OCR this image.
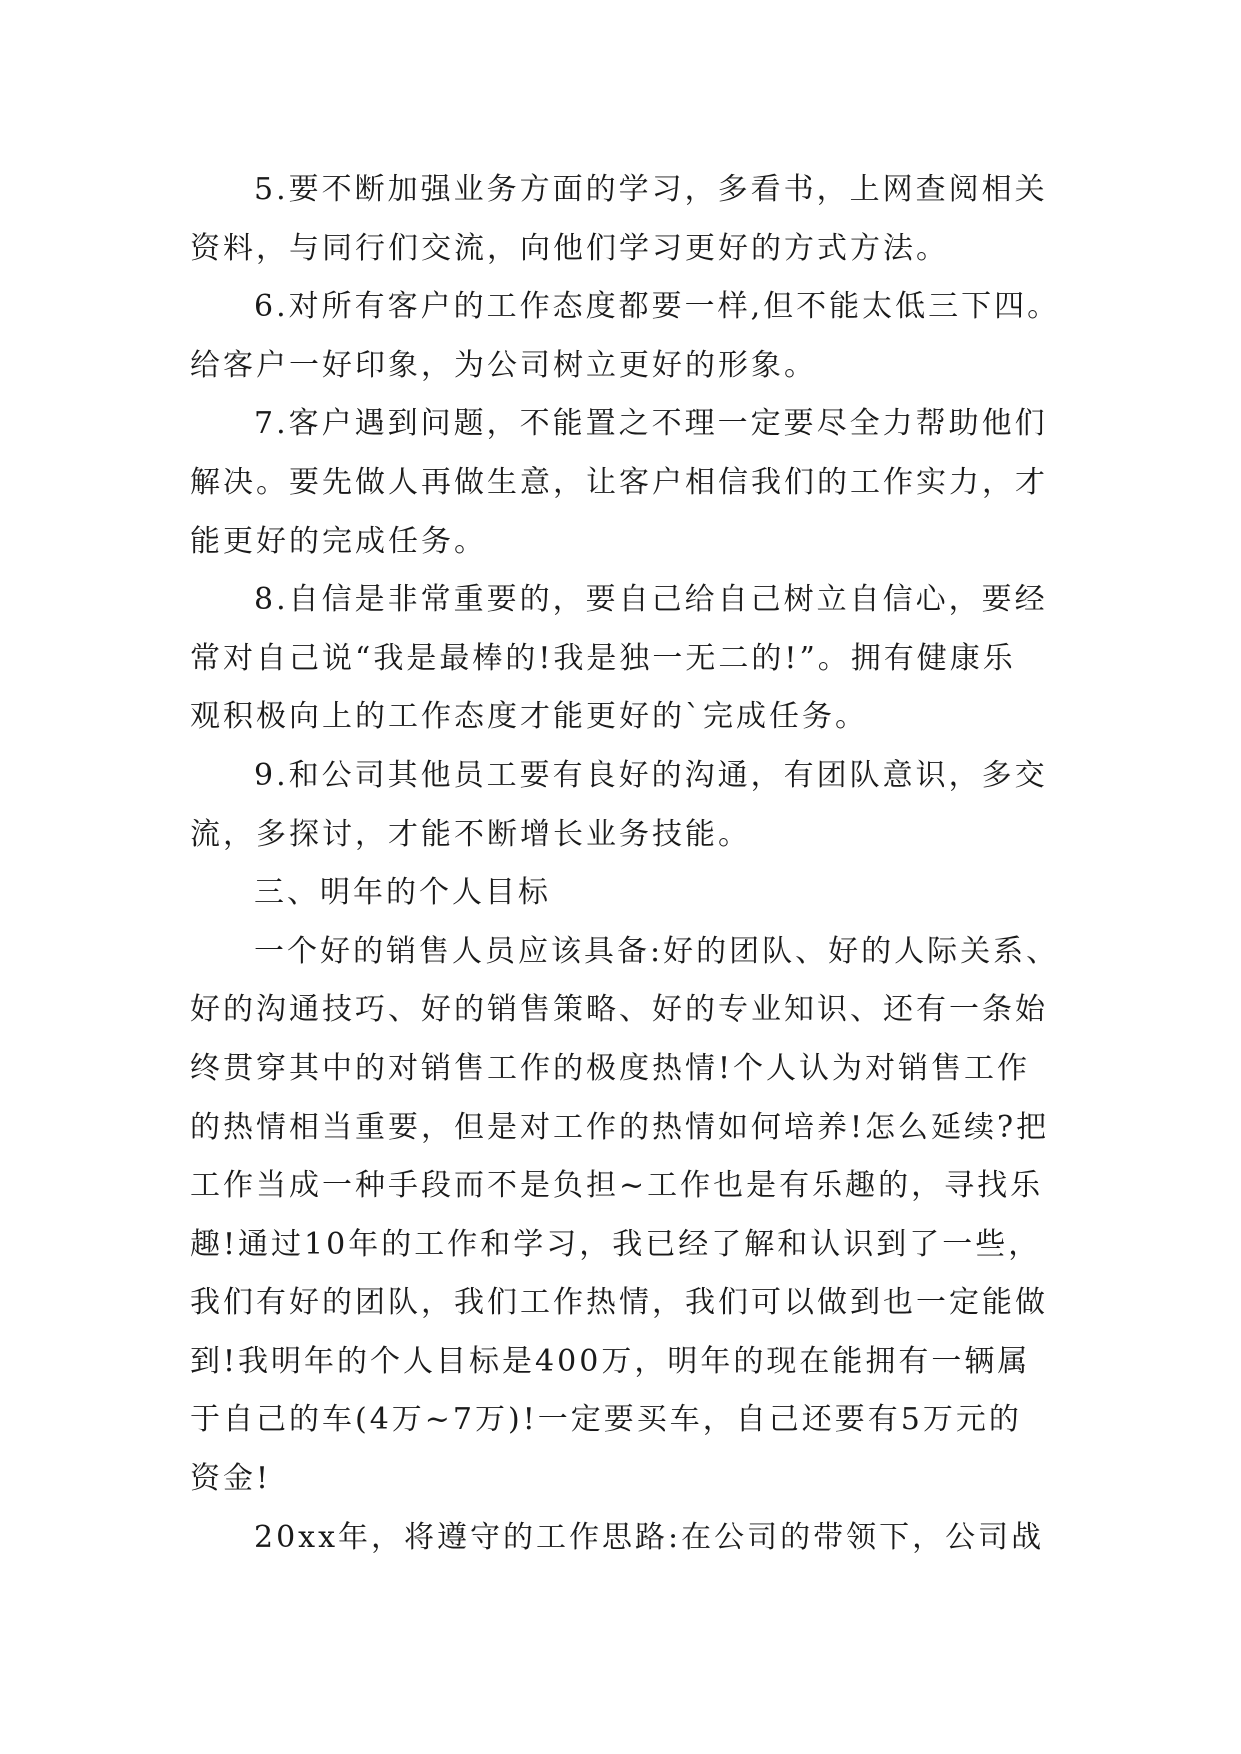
5.要不断加强业务方面的学习，多看书，上网查阅相关
资料，与同行们交流，向他们学习更好的方式方法。
6.对所有客户的工作态度都要一样,但不能太低三下四。
给客户一好印象，为公司树立更好的形象。
7.客户遇到问题，不能置之不理一定要尽全力帮助他们
解决。要先做人再做生意，让客户相信我们的工作实力，才
能更好的完成任务。
8.自信是非常重要的，要自己给自己树立自信心，要经
常对自己说“我是最棒的!我是独一无二的!”。拥有健康乐
观积极向上的工作态度才能更好的`完成任务。
9.和公司其他员工要有良好的沟通，有团队意识，多交
流，多探讨，才能不断增长业务技能。
三、明年的个人目标
一个好的销售人员应该具备:好的团队、好的人际关系、
好的沟通技巧、好的销售策略、好的专业知识、还有一条始
终贯穿其中的对销售工作的极度热情!个人认为对销售工作
的热情相当重要，但是对工作的热情如何培养!怎么延续?把
工作当成一种手段而不是负担~工作也是有乐趣的，寻找乐
趣!通过10年的工作和学习，我已经了解和认识到了一些，
我们有好的团队，我们工作热情，我们可以做到也一定能做
到!我明年的个人目标是400万，明年的现在能拥有一辆属
于自己的车(4万~7万)!一定要买车，自己还要有5万元的
资金!
20xx年，将遵守的工作思路:在公司的带领下，公司战
